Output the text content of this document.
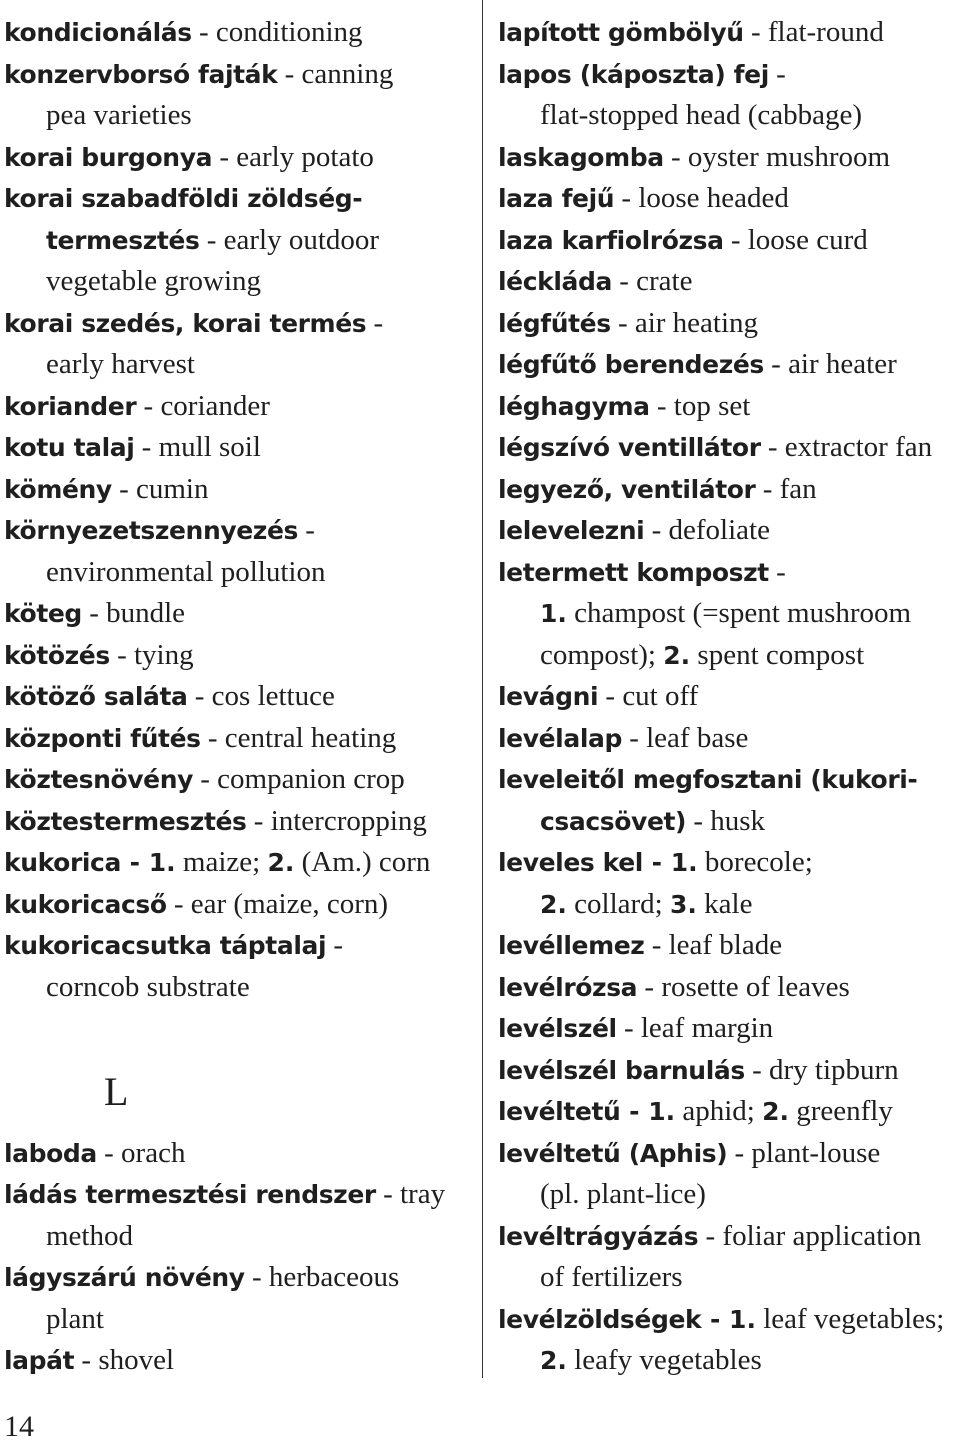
kondicionálás - conditioning
konzervborsó fajták - canning
pea varieties
korai burgonya - early potato
korai szabadföldi zöldség-
termesztés - early outdoor
vegetable growing
korai szedés, korai termés -
early harvest
koriander - coriander
kotu talaj - mull soil
kömény - cumin
környezetszennyezés -
environmental pollution
köteg - bundle
kötözés - tying
kötöző saláta - cos lettuce
központi fűtés - central heating
köztesnövény - companion crop
köztestermesztés - intercropping
kukorica - 1. maize; 2. (Am.) corn
kukoricacső - ear (maize, corn)
kukoricacsutka táptalaj -
corncob substrate
L
laboda - orach
ládás termesztési rendszer - tray
method
lágyszárú növény - herbaceous
plant
lapát - shovel
lapított gömbölyű - flat-round
lapos (káposzta) fej -
flat-stopped head (cabbage)
laskagomba - oyster mushroom
laza fejű - loose headed
laza karfiolrózsa - loose curd
léckláda - crate
légfűtés - air heating
légfűtő berendezés - air heater
léghagyma - top set
légszívó ventillátor - extractor fan
legyező, ventilátor - fan
lelevelezni - defoliate
letermett komposzt -
1. champost (=spent mushroom
compost); 2. spent compost
levágni - cut off
levélalap - leaf base
leveleitől megfosztani (kukori-
csacsövet) - husk
leveles kel - 1. borecole;
2. collard; 3. kale
levéllemez - leaf blade
levélrózsa - rosette of leaves
levélszél - leaf margin
levélszél barnulás - dry tipburn
levéltetű - 1. aphid; 2. greenfly
levéltetű (Aphis) - plant-louse
(pl. plant-lice)
levéltrágyázás - foliar application
of fertilizers
levélzöldségek - 1. leaf vegetables;
2. leafy vegetables
14
